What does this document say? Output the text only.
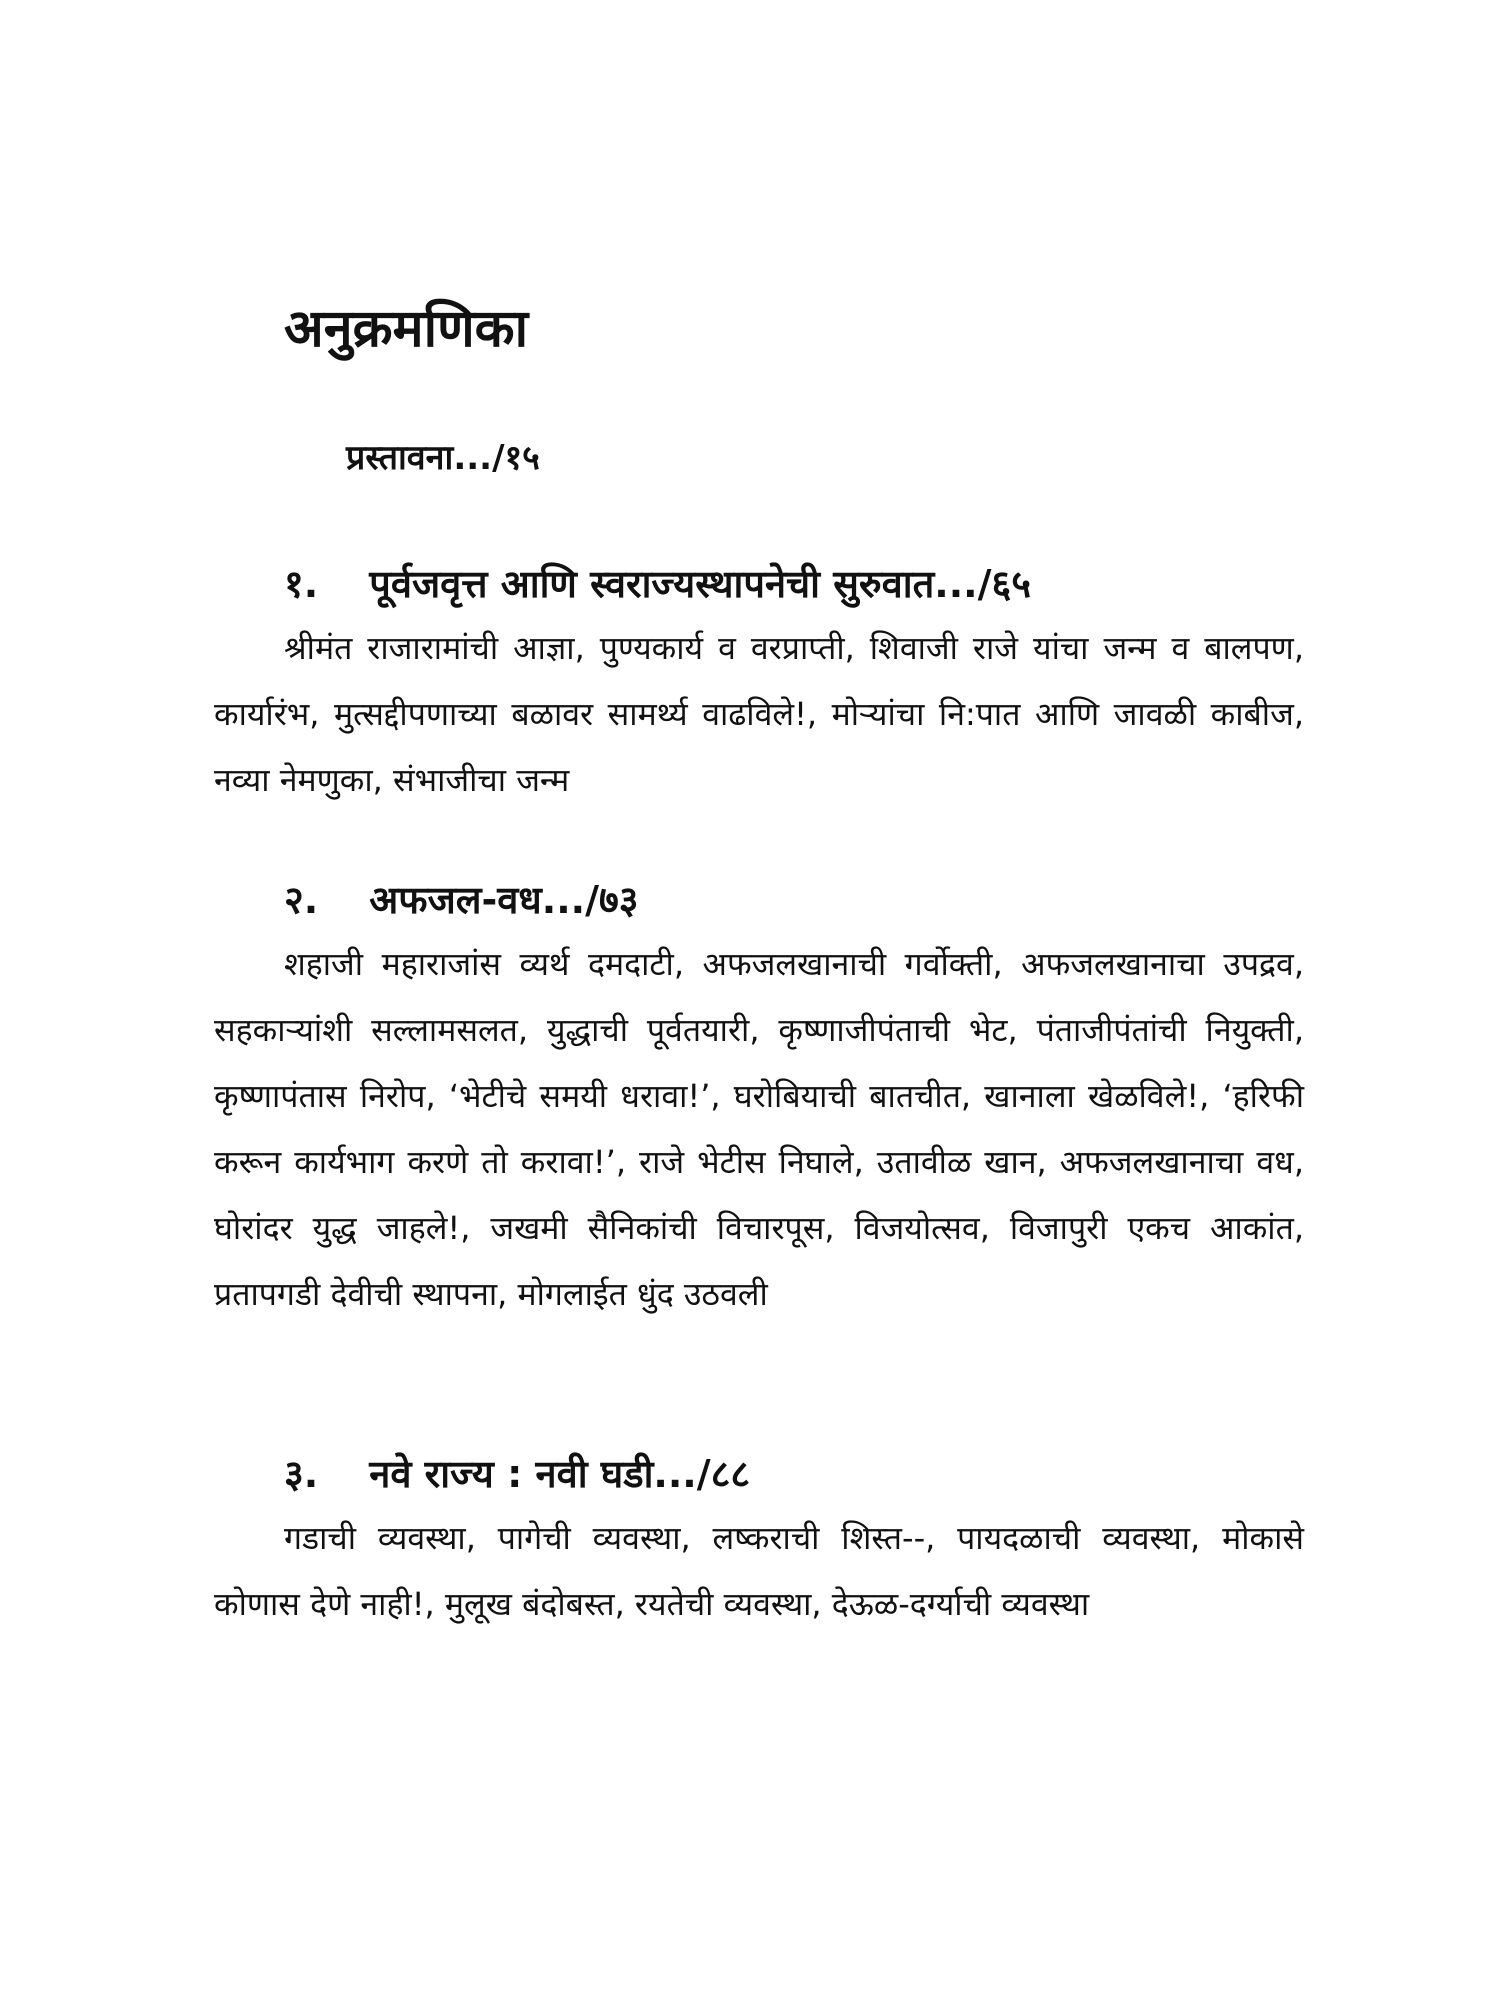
अनुक्रमणिका
प्रस्तावना.../१५
१. पूर्वजवृत्त आणि स्वराज्यस्थापनेची सुरुवात.../६५

श्रीमंत राजारामांची आज्ञा, पुण्यकार्य व वरप्राप्ती, शिवाजी राजे यांचा जन्म व बालपण, कार्यारंभ, मुत्सद्दीपणाच्या बळावर सामर्थ्य वाढविले!, मोऱ्यांचा नि:पात आणि जावळी काबीज, नव्या नेमणुका, संभाजीचा जन्म

२. अफजल-वध.../७३

शहाजी महाराजांस व्यर्थ दमदाटी, अफजलखानाची गर्वोक्ती, अफजलखानाचा उपद्रव, सहकाऱ्यांशी सल्लामसलत, युद्धाची पूर्वतयारी, कृष्णाजीपंताची भेट, पंताजीपंतांची नियुक्ती, कृष्णापंतास निरोप, ‘भेटीचे समयी धरावा!’, घरोबियाची बातचीत, खानाला खेळविले!, ‘हरिफी करून कार्यभाग करणे तो करावा!’, राजे भेटीस निघाले, उतावीळ खान, अफजलखानाचा वध, घोरांदर युद्ध जाहले!, जखमी सैनिकांची विचारपूस, विजयोत्सव, विजापुरी एकच आकांत, प्रतापगडी देवीची स्थापना, मोगलाईत धुंद उठवली

३. नवे राज्य : नवी घडी.../८८

गडाची व्यवस्था, पागेची व्यवस्था, लष्कराची शिस्त--, पायदळाची व्यवस्था, मोकासे कोणास देणे नाही!, मुलूख बंदोबस्त, रयतेची व्यवस्था, देऊळ-दर्ग्याची व्यवस्था
